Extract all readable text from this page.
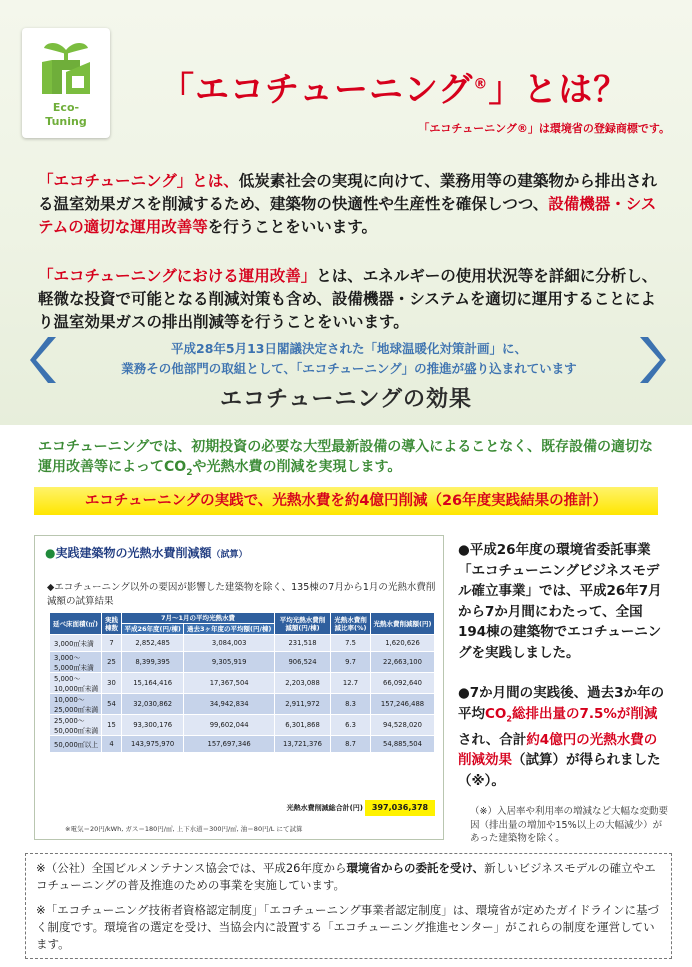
Eco-
Tuning
「エコチューニング®」とは？
「エコチューニング®」は環境省の登録商標です。
「エコチューニング」とは、低炭素社会の実現に向けて、業務用等の建築物から排出される温室効果ガスを削減するため、建築物の快適性や生産性を確保しつつ、設備機器・システムの適切な運用改善等を行うことをいいます。
「エコチューニングにおける運用改善」とは、エネルギーの使用状況等を詳細に分析し、軽微な投資で可能となる削減対策も含め、設備機器・システムを適切に運用することにより温室効果ガスの排出削減等を行うことをいいます。
平成28年5月13日閣議決定された「地球温暖化対策計画」に、
業務その他部門の取組として、「エコチューニング」の推進が盛り込まれています
エコチューニングの効果
エコチューニングでは、初期投資の必要な大型最新設備の導入によることなく、既存設備の適切な運用改善等によって$CO_2$や光熱水費の削減を実現します。
エコチューニングの実践で、光熱水費を約4億円削減（26年度実践結果の推計）
●実践建築物の光熱水費削減額（試算）
◆エコチューニング以外の要因が影響した建築物を除く、135棟の7月から1月の光熱水費削減額の試算結果
延べ床面積(㎡)	実践棟数	7月～1月の平均光熱水費		平均光熱水費削減額(円/棟)	光熱水費削減比率(%)	光熱水費削減額(円)
		平成26年度(円/棟)	過去3ヶ年度の平均額(円/棟)			
3,000㎡未満	7	2,852,485	3,084,003	231,518	7.5	1,620,626
3,000～5,000㎡未満	25	8,399,395	9,305,919	906,524	9.7	22,663,100
5,000～10,000㎡未満	30	15,164,416	17,367,504	2,203,088	12.7	66,092,640
10,000～25,000㎡未満	54	32,030,862	34,942,834	2,911,972	8.3	157,246,488
25,000～50,000㎡未満	15	93,300,176	99,602,044	6,301,868	6.3	94,528,020
50,000㎡以上	4	143,975,970	157,697,346	13,721,376	8.7	54,885,504
光熱水費削減総合計(円)	397,036,378
※電気＝20円/kWh, ガス＝180円/㎥, 上下水道＝300円/㎥, 油＝80円/L にて試算
●平成26年度の環境省委託事業「エコチューニングビジネスモデル確立事業」では、平成26年7月から7か月間にわたって、全国194棟の建築物でエコチューニングを実践しました。
●7か月間の実践後、過去3か年の平均$CO_2$総排出量の7.5%が削減され、合計約4億円の光熱水費の削減効果（試算）が得られました（※）。
（※）入居率や利用率の増減など大幅な変動要因（排出量の増加や15%以上の大幅減少）があった建築物を除く。
※（公社）全国ビルメンテナンス協会では、平成26年度から環境省からの委託を受け、新しいビジネスモデルの確立やエコチューニングの普及推進のための事業を実施しています。
※「エコチューニング技術者資格認定制度」「エコチューニング事業者認定制度」は、環境省が定めたガイドラインに基づく制度です。環境省の選定を受け、当協会内に設置する「エコチューニング推進センター」がこれらの制度を運営しています。
